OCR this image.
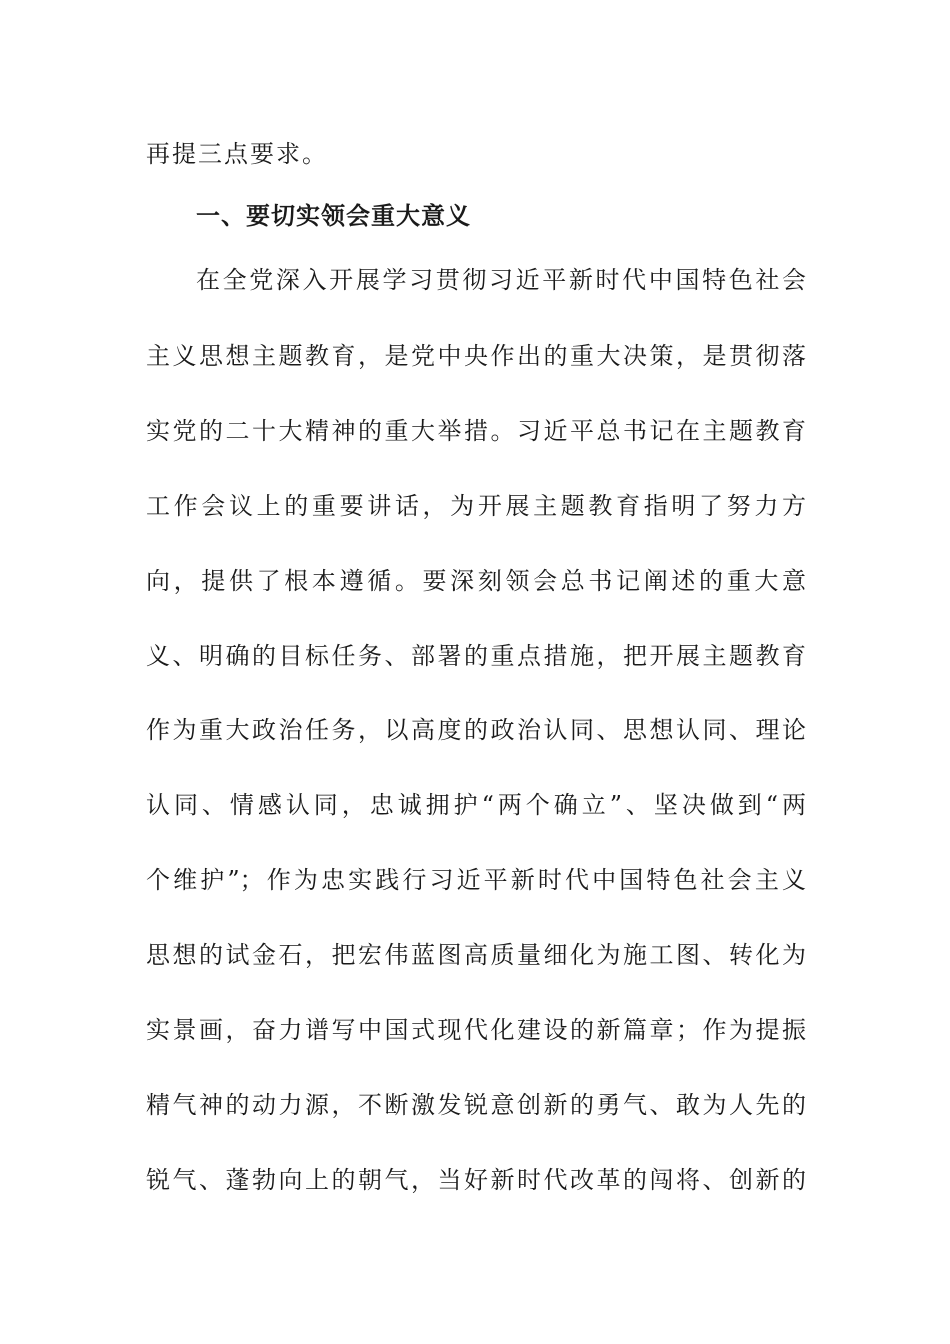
再提三点要求。
一、要切实领会重大意义
在全党深入开展学习贯彻习近平新时代中国特色社会
主义思想主题教育，是党中央作出的重大决策，是贯彻落
实党的二十大精神的重大举措。习近平总书记在主题教育
工作会议上的重要讲话，为开展主题教育指明了努力方
向，提供了根本遵循。要深刻领会总书记阐述的重大意
义、明确的目标任务、部署的重点措施，把开展主题教育
作为重大政治任务，以高度的政治认同、思想认同、理论
认同、情感认同，忠诚拥护“两个确立”、坚决做到“两
个维护”；作为忠实践行习近平新时代中国特色社会主义
思想的试金石，把宏伟蓝图高质量细化为施工图、转化为
实景画，奋力谱写中国式现代化建设的新篇章；作为提振
精气神的动力源，不断激发锐意创新的勇气、敢为人先的
锐气、蓬勃向上的朝气，当好新时代改革的闯将、创新的
